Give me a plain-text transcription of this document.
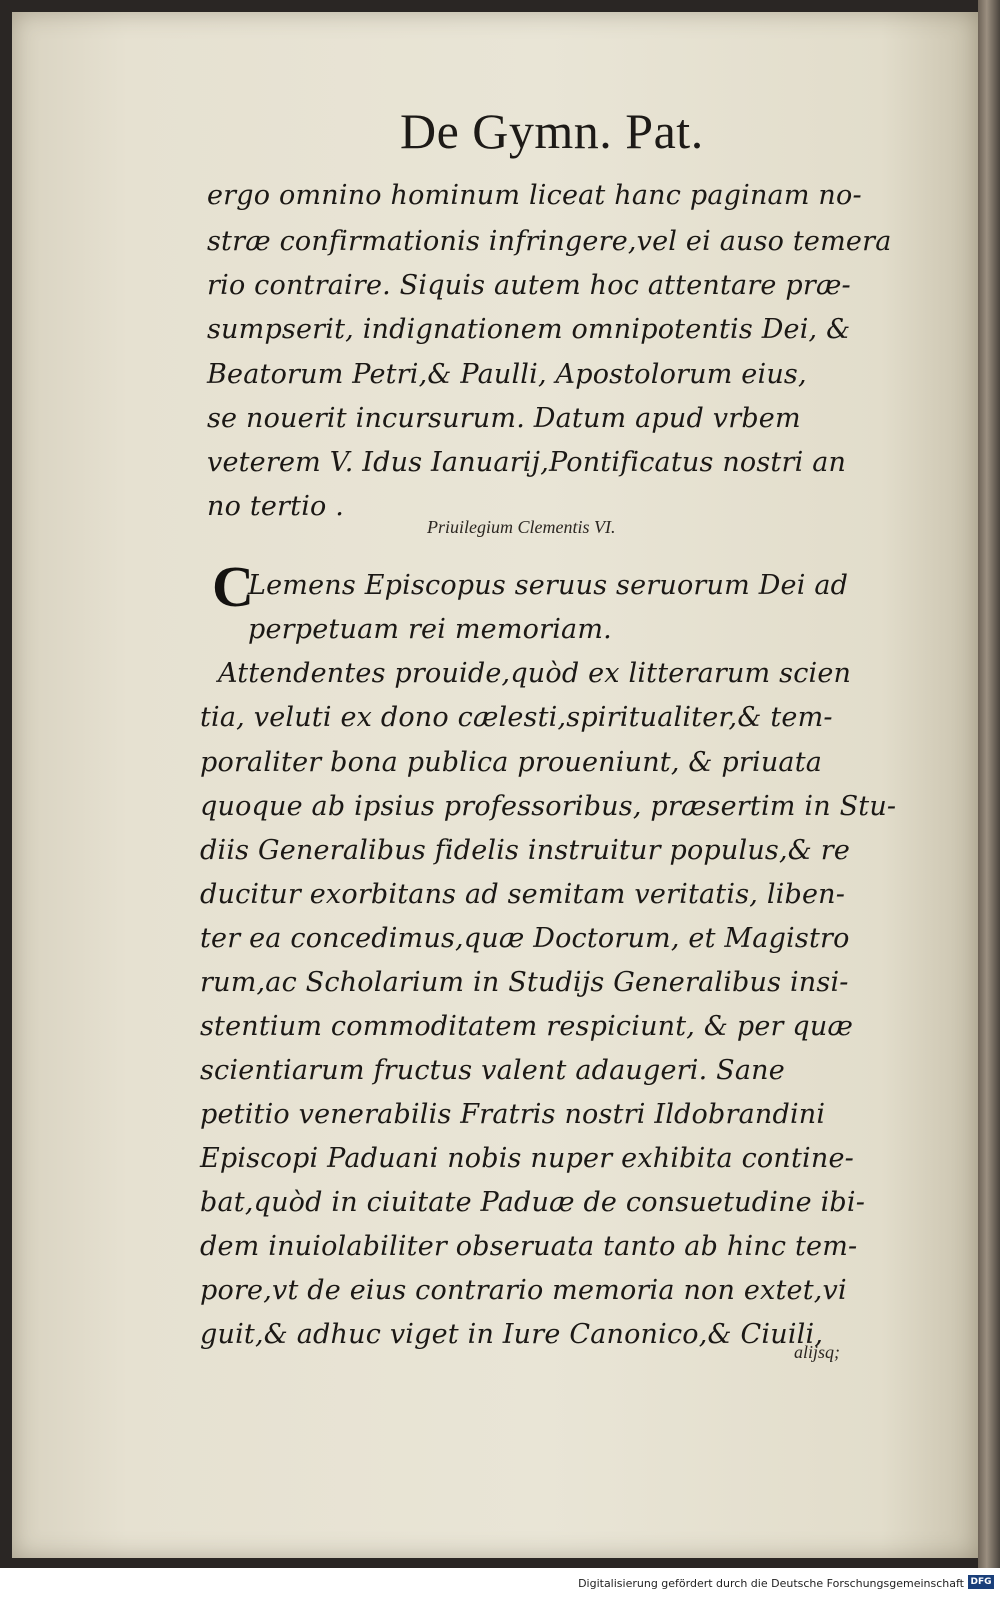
De Gymn. Pat.
ergo omnino hominum liceat hanc paginam no-
stræ confirmationis infringere,vel ei auso temera
rio contraire. Siquis autem hoc attentare præ-
sumpserit, indignationem omnipotentis Dei, &
Beatorum Petri,& Paulli, Apostolorum eius,
se nouerit incursurum. Datum apud vrbem
veterem V. Idus Ianuarij,Pontificatus nostri an
no tertio .
Priuilegium Clementis VI.
C
Lemens Episcopus seruus seruorum Dei ad
perpetuam rei memoriam.
Attendentes prouide,quòd ex litterarum scien
tia, veluti ex dono cælesti,spiritualiter,& tem-
poraliter bona publica proueniunt, & priuata
quoque ab ipsius professoribus, præsertim in Stu-
diis Generalibus fidelis instruitur populus,& re
ducitur exorbitans ad semitam veritatis, liben-
ter ea concedimus,quæ Doctorum, et Magistro
rum,ac Scholarium in Studijs Generalibus insi-
stentium commoditatem respiciunt, & per quæ
scientiarum fructus valent adaugeri. Sane
petitio venerabilis Fratris nostri Ildobrandini
Episcopi Paduani nobis nuper exhibita contine-
bat,quòd in ciuitate Paduæ de consuetudine ibi-
dem inuiolabiliter obseruata tanto ab hinc tem-
pore,vt de eius contrario memoria non extet,vi
guit,& adhuc viget in Iure Canonico,& Ciuili,
alijsq;
Digitalisierung gefördert durch die Deutsche Forschungsgemeinschaft DFG
